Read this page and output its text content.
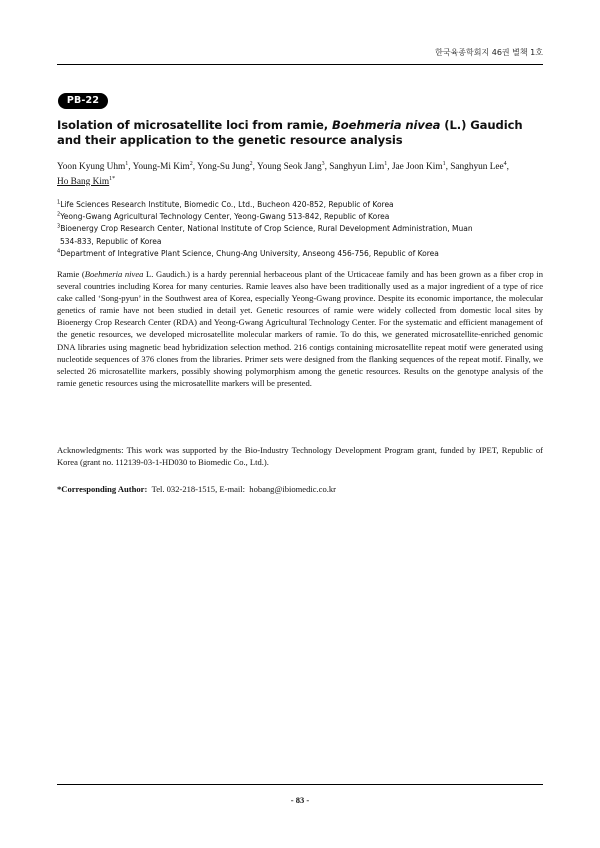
한국육종학회지 46권 별책 1호
PB-22
Isolation of microsatellite loci from ramie, Boehmeria nivea (L.) Gaudich and their application to the genetic resource analysis
Yoon Kyung Uhm$^1$, Young-Mi Kim$^2$, Yong-Su Jung$^2$, Young Seok Jang$^3$, Sanghyun Lim$^1$, Jae Joon Kim$^1$, Sanghyun Lee$^4$,
Ho Bang Kim$^{1*}$
$^1$Life Sciences Research Institute, Biomedic Co., Ltd., Bucheon 420-852, Republic of Korea
$^2$Yeong-Gwang Agricultural Technology Center, Yeong-Gwang 513-842, Republic of Korea
$^3$Bioenergy Crop Research Center, National Institute of Crop Science, Rural Development Administration, Muan
534-833, Republic of Korea
$^4$Department of Integrative Plant Science, Chung-Ang University, Anseong 456-756, Republic of Korea
Ramie (Boehmeria nivea L. Gaudich.) is a hardy perennial herbaceous plant of the Urticaceae family and has been grown as a fiber crop in several countries including Korea for many centuries. Ramie leaves also have been traditionally used as a major ingredient of a type of rice cake called ‘Song-pyun’ in the Southwest area of Korea, especially Yeong-Gwang province. Despite its economic importance, the molecular genetics of ramie have not been studied in detail yet. Genetic resources of ramie were widely collected from domestic local sites by Bioenergy Crop Research Center (RDA) and Yeong-Gwang Agricultural Technology Center. For the systematic and efficient management of the genetic resources, we developed microsatellite molecular markers of ramie. To do this, we generated microsatellite-enriched genomic DNA libraries using magnetic bead hybridization selection method. 216 contigs containing microsatellite repeat motif were generated using nucleotide sequences of 376 clones from the libraries. Primer sets were designed from the flanking sequences of the repeat motif. Finally, we selected 26 microsatellite markers, possibly showing polymorphism among the genetic resources. Results on the genotype analysis of the ramie genetic resources using the microsatellite markers will be presented.
Acknowledgments: This work was supported by the Bio-Industry Technology Development Program grant, funded by IPET, Republic of Korea (grant no. 112139-03-1-HD030 to Biomedic Co., Ltd.).
*Corresponding Author: Tel. 032-218-1515, E-mail: hobang@ibiomedic.co.kr
- 83 -
